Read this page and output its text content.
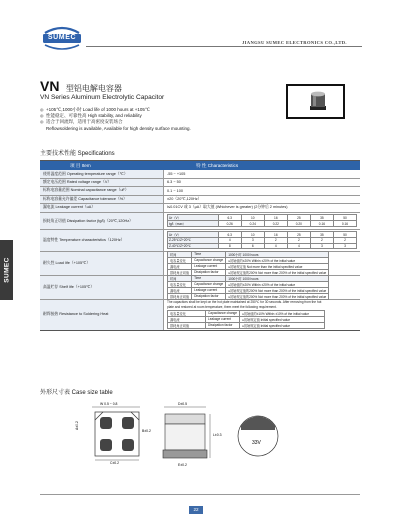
SUMEC
JIANGSU SUMEC ELECTRONICS CO.,LTD.
VN 型铝电解电容器
VN Series Aluminum Electrolytic Capacitor
◎ +105℃,1000小时 Load life of 1000 hours at +105℃
◎ 性能稳定、可靠性高 High stability, and reliability
◎ 适合于回流焊，适用于高密度安装场合
Reflowsoldering is available, Available for high density surface mounting.
SUMEC
主要技术性能 Specifications
项 目 Item	特 性 Characteristics
使用温度范围 Operating temperature range（℃）	-55 ~ +105
额定电压范围 Rated voltage range（V）	6.3 ~ 50
标称电容量范围 Nominal capacitance range（uF）	0.1 ~ 100
标称电容量允许偏差 Capacitance tolerance（%）	±20（20℃,120Hz）
漏电流 Leakage current（uA）	I≤0.01CV 或 3（μA）取大值 (Whichever is greater) (2分钟后 2 minutes)
损耗角正切值 Dissipation factor (tgδ)（20℃,120Hz）
Ur（V）	6.3	10	16	25	35	50
tgδ（max）	0.26	0.24	0.22	0.20	0.16	0.16
温度特性 Temperature characteristics（120Hz）
Ur（V）	6.3	10	16	25	35	50
Z-25℃/Z+20℃	4	3	2	2	2	2
Z-40℃/Z+20℃	8	6	4	4	3	3
耐久性 Load life（+105℃）
时间	Time	1000小时 1000 hours
电容量变化	Capacitance change	≤初始值的±20% Within ±20% of the initial value
漏电流	Leakage current	≤初始规定值 Not more than the initial specified value
损耗角正切值	Dissipation factor	≤初始规定值的200% Not more than 200% of the initial specified value
高温贮存 Shelf life（+105℃）
时间	Time	1000小时 1000 hours
电容量变化	Capacitance change	≤初始值的±20% Within ±20% of the initial value
漏电流	Leakage current	≤初始规定值的200% Not more than 200% of the initial specified value
损耗角正切值	Dissipation factor	≤初始规定值的200% Not more than 200% of the initial specified value
耐焊接热 Resistance to Soldering Heat
The capacitors shall be kept on the hot plate maintained at 250℃ for 30 seconds. After removing from the hot
plate and restored at room temperature, them meet the following requirement.
电容量变化	Capacitance change	≤初始值的±10% Within ±10% of the initial value
漏电流	Leakage current	≤初始规定值 Initial specified value
损耗角正切值	Dissipation factor	≤初始规定值 Initial specified value
外形尺寸表 Case size table
W 0.5 ~ 0.8
A±0.2
B±0.2
C±0.2
D±0.5
L±0.3
E±0.2
33V
22
